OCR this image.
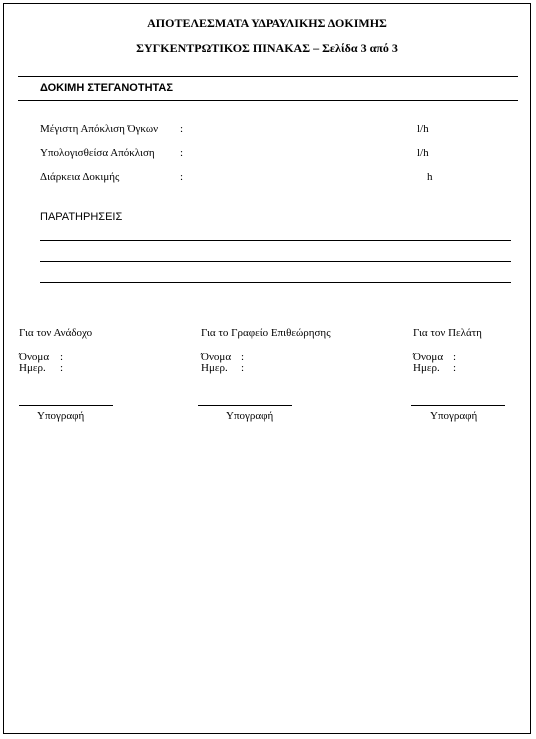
ΑΠΟΤΕΛΕΣΜΑΤΑ ΥΔΡΑΥΛΙΚΗΣ ΔΟΚΙΜΗΣ
ΣΥΓΚΕΝΤΡΩΤΙΚΟΣ ΠΙΝΑΚΑΣ – Σελίδα 3 από 3
ΔΟΚΙΜΗ ΣΤΕΓΑΝΟΤΗΤΑΣ
Μέγιστη Απόκλιση Όγκων :	l/h
Υπολογισθείσα Απόκλιση :	l/h
Διάρκεια Δοκιμής	:	h
ΠΑΡΑΤΗΡΗΣΕΙΣ
Για τον Ανάδοχο
Όνομα :
Ημερ. :
Υπογραφή
Για το Γραφείο Επιθεώρησης
Όνομα :
Ημερ. :
Υπογραφή
Για τον Πελάτη
Όνομα :
Ημερ. :
Υπογραφή
